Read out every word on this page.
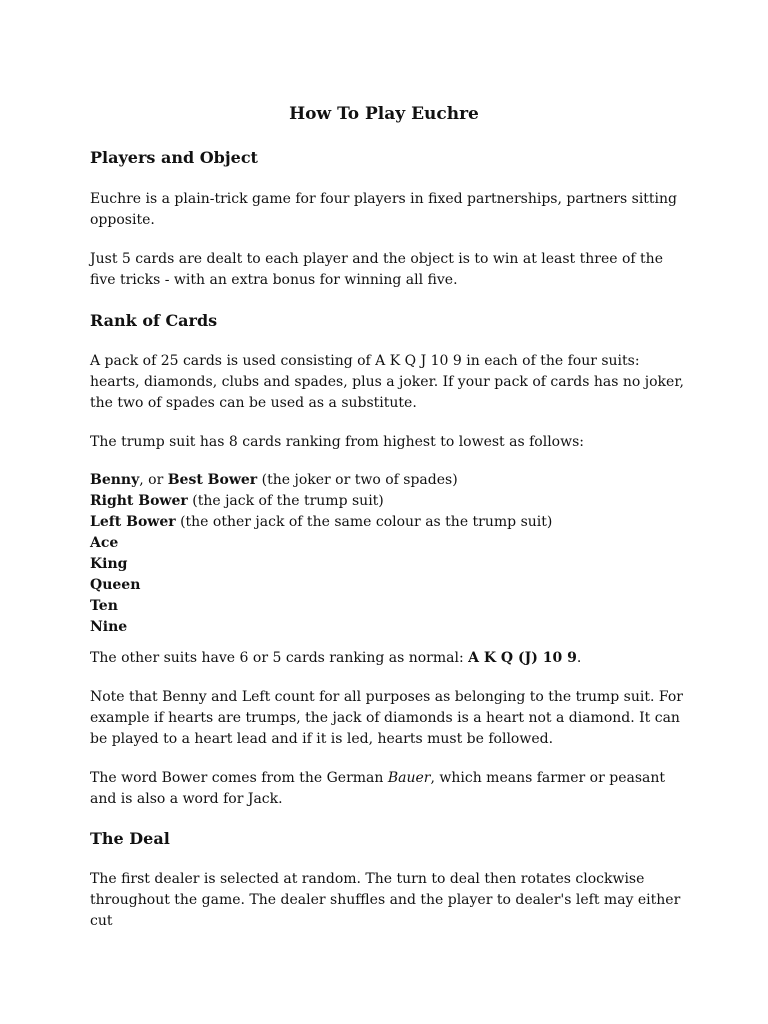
How To Play Euchre
Players and Object

Euchre is a plain-trick game for four players in fixed partnerships, partners sitting opposite.

Just 5 cards are dealt to each player and the object is to win at least three of the five tricks - with an extra bonus for winning all five.

Rank of Cards

A pack of 25 cards is used consisting of A K Q J 10 9 in each of the four suits: hearts, diamonds, clubs and spades, plus a joker. If your pack of cards has no joker, the two of spades can be used as a substitute.

The trump suit has 8 cards ranking from highest to lowest as follows:

Benny, or Best Bower (the joker or two of spades)
Right Bower (the jack of the trump suit)
Left Bower (the other jack of the same colour as the trump suit)
Ace
King
Queen
Ten
Nine

The other suits have 6 or 5 cards ranking as normal: A K Q (J) 10 9.

Note that Benny and Left count for all purposes as belonging to the trump suit. For example if hearts are trumps, the jack of diamonds is a heart not a diamond. It can be played to a heart lead and if it is led, hearts must be followed.

The word Bower comes from the German Bauer, which means farmer or peasant and is also a word for Jack.

The Deal

The first dealer is selected at random. The turn to deal then rotates clockwise throughout the game. The dealer shuffles and the player to dealer's left may either cut
